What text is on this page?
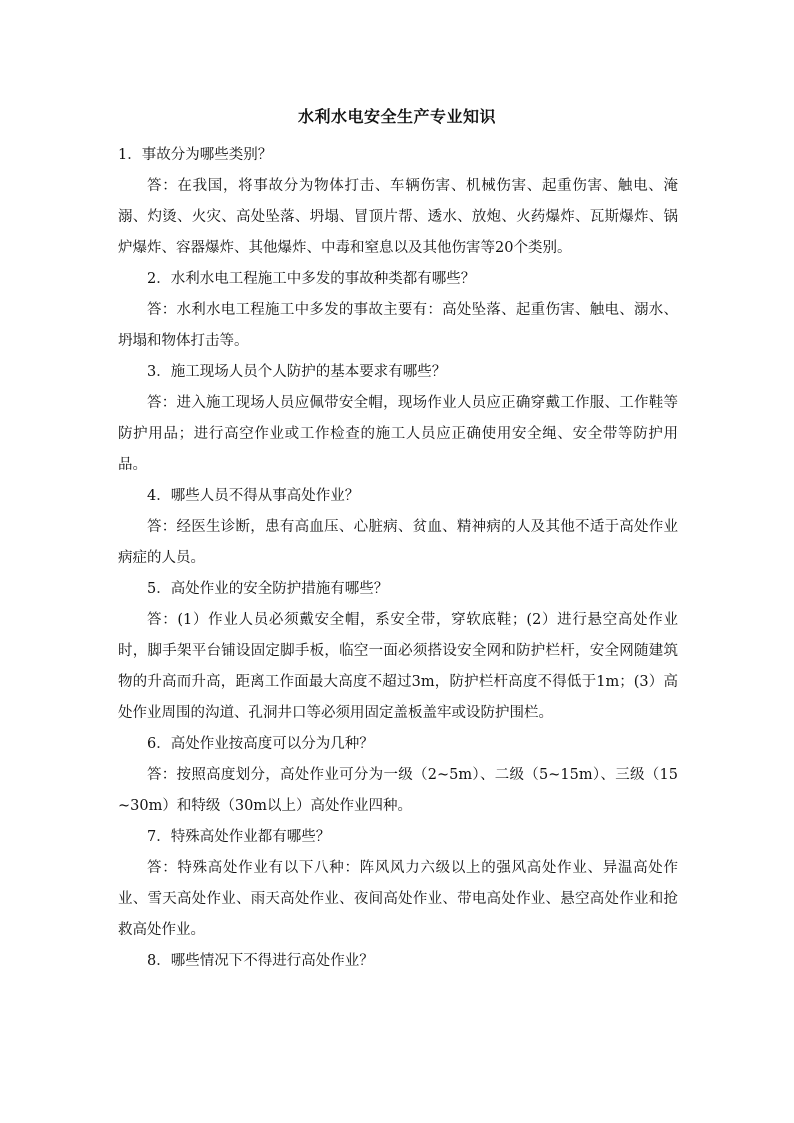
水利水电安全生产专业知识

1．事故分为哪些类别？

答：在我国，将事故分为物体打击、车辆伤害、机械伤害、起重伤害、触电、淹溺、灼烫、火灾、高处坠落、坍塌、冒顶片帮、透水、放炮、火药爆炸、瓦斯爆炸、锅炉爆炸、容器爆炸、其他爆炸、中毒和窒息以及其他伤害等20个类别。

2．水利水电工程施工中多发的事故种类都有哪些？

答：水利水电工程施工中多发的事故主要有：高处坠落、起重伤害、触电、溺水、坍塌和物体打击等。

3．施工现场人员个人防护的基本要求有哪些？

答：进入施工现场人员应佩带安全帽，现场作业人员应正确穿戴工作服、工作鞋等防护用品；进行高空作业或工作检查的施工人员应正确使用安全绳、安全带等防护用品。

4．哪些人员不得从事高处作业？

答：经医生诊断，患有高血压、心脏病、贫血、精神病的人及其他不适于高处作业病症的人员。

5．高处作业的安全防护措施有哪些？

答：(1）作业人员必须戴安全帽，系安全带，穿软底鞋；(2）进行悬空高处作业时，脚手架平台铺设固定脚手板，临空一面必须搭设安全网和防护栏杆，安全网随建筑物的升高而升高，距离工作面最大高度不超过3m，防护栏杆高度不得低于1m；(3）高处作业周围的沟道、孔洞井口等必须用固定盖板盖牢或设防护围栏。

6．高处作业按高度可以分为几种？

答：按照高度划分，高处作业可分为一级（2~5m）、二级（5~15m）、三级（15~30m）和特级（30m以上）高处作业四种。

7．特殊高处作业都有哪些？

答：特殊高处作业有以下八种：阵风风力六级以上的强风高处作业、异温高处作业、雪天高处作业、雨天高处作业、夜间高处作业、带电高处作业、悬空高处作业和抢救高处作业。

8．哪些情况下不得进行高处作业？
